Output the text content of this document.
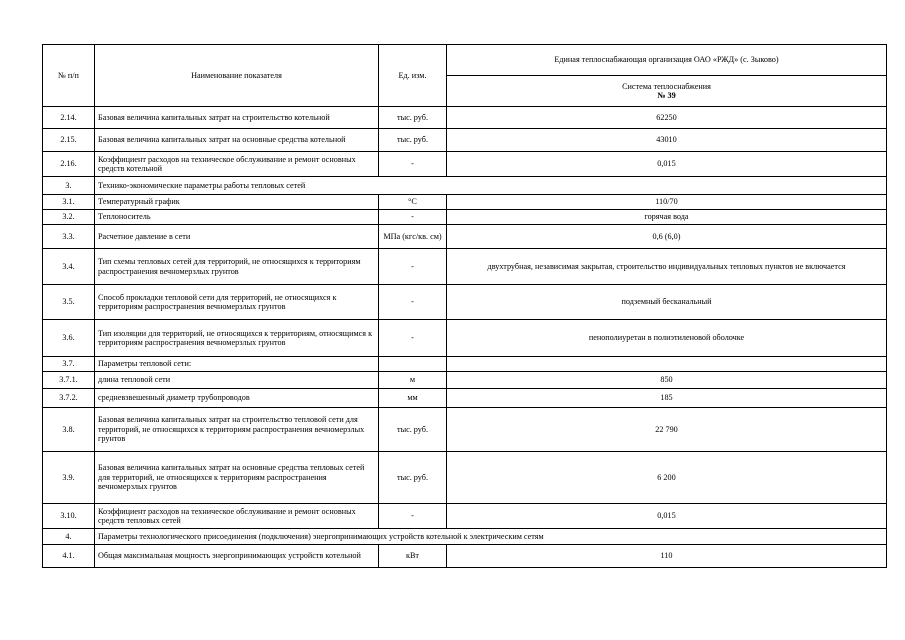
№ п/п	Наименование показателя	Ед. изм.	Единая теплоснабжающая организация ОАО «РЖД» (с. Зыково)

			Система теплоснабжения
№ 39

2.14.	Базовая величина капитальных затрат на строительство котельной	тыс. руб.	62250
2.15.	Базовая величина капитальных затрат на основные средства котельной	тыс. руб.	43010
2.16.	Коэффициент расходов на техническое обслуживание и ремонт основных средств котельной	-	0,015
3.	Технико-экономические параметры работы тепловых сетей		
3.1.	Температурный график	°С	110/70
3.2.	Теплоноситель	-	горячая вода
3.3.	Расчетное давление в сети	МПа (кгс/кв. см)	0,6 (6,0)
3.4.	Тип схемы тепловых сетей для территорий, не относящихся к территориям распространения вечномерзлых грунтов	-	двухтрубная, независимая закрытая, строительство индивидуальных тепловых пунктов не включается
3.5.	Способ прокладки тепловой сети для территорий, не относящихся к территориям распространения вечномерзлых грунтов	-	подземный бесканальный
3.6.	Тип изоляции для территорий, не относящихся к территориям, относящимся к территориям распространения вечномерзлых грунтов	-	пенополиуретан в полиэтиленовой оболочке
3.7.	Параметры тепловой сети:		
3.7.1.	длина тепловой сети	м	850
3.7.2.	средневзвешенный диаметр трубопроводов	мм	185
3.8.	Базовая величина капитальных затрат на строительство тепловой сети для территорий, не относящихся к территориям распространения вечномерзлых грунтов	тыс. руб.	22 790
3.9.	Базовая величина капитальных затрат на основные средства тепловых сетей для территорий, не относящихся к территориям распространения вечномерзлых грунтов	тыс. руб.	6 200
3.10.	Коэффициент расходов на техническое обслуживание и ремонт основных средств тепловых сетей	-	0,015
4.	Параметры технологического присоединения (подключения) энергопринимающих устройств котельной к электрическим сетям		
4.1.	Общая максимальная мощность энергопринимающих устройств котельной	кВт	110
